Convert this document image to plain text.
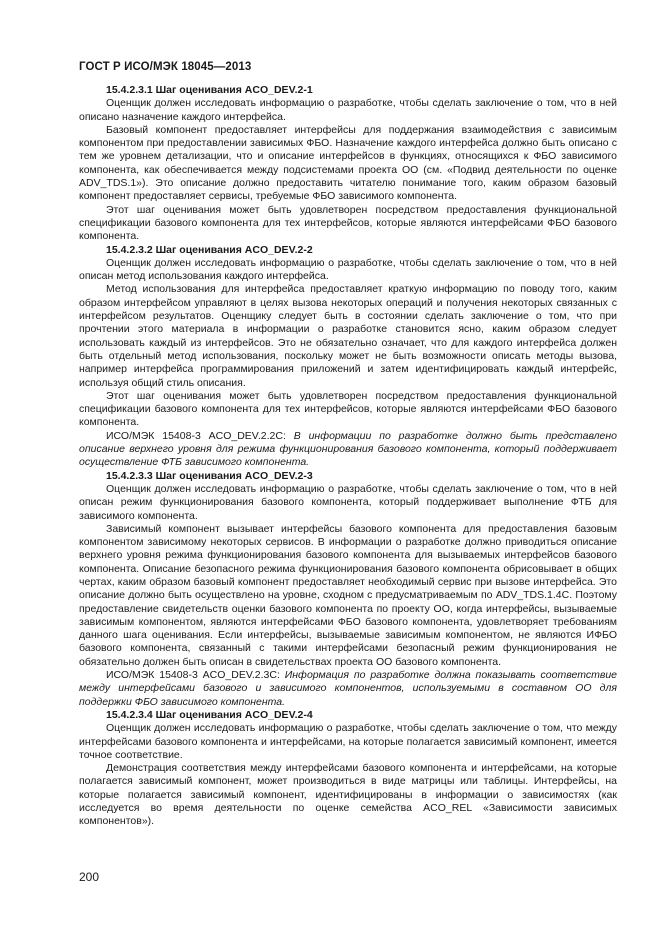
ГОСТ Р ИСО/МЭК 18045—2013

15.4.2.3.1 Шаг оценивания ACO_DEV.2-1

Оценщик должен исследовать информацию о разработке, чтобы сделать заключение о том, что в ней описано назначение каждого интерфейса.

Базовый компонент предоставляет интерфейсы для поддержания взаимодействия с зависимым компонентом при предоставлении зависимых ФБО. Назначение каждого интерфейса должно быть описано с тем же уровнем детализации, что и описание интерфейсов в функциях, относящихся к ФБО зависимого компонента, как обеспечивается между подсистемами проекта ОО (см. «Подвид деятельности по оценке ADV_TDS.1»). Это описание должно предоставить читателю понимание того, каким образом базовый компонент предоставляет сервисы, требуемые ФБО зависимого компонента.

Этот шаг оценивания может быть удовлетворен посредством предоставления функциональной спецификации базового компонента для тех интерфейсов, которые являются интерфейсами ФБО базового компонента.

15.4.2.3.2 Шаг оценивания ACO_DEV.2-2

Оценщик должен исследовать информацию о разработке, чтобы сделать заключение о том, что в ней описан метод использования каждого интерфейса.

Метод использования для интерфейса предоставляет краткую информацию по поводу того, каким образом интерфейсом управляют в целях вызова некоторых операций и получения некоторых связанных с интерфейсом результатов. Оценщику следует быть в состоянии сделать заключение о том, что при прочтении этого материала в информации о разработке становится ясно, каким образом следует использовать каждый из интерфейсов. Это не обязательно означает, что для каждого интерфейса должен быть отдельный метод использования, поскольку может не быть возможности описать методы вызова, например интерфейса программирования приложений и затем идентифицировать каждый интерфейс, используя общий стиль описания.

Этот шаг оценивания может быть удовлетворен посредством предоставления функциональной спецификации базового компонента для тех интерфейсов, которые являются интерфейсами ФБО базового компонента.

ИСО/МЭК 15408-3 ACO_DEV.2.2С: В информации по разработке должно быть представлено описание верхнего уровня для режима функционирования базового компонента, который поддерживает осуществление ФТБ зависимого компонента.

15.4.2.3.3 Шаг оценивания ACO_DEV.2-3

Оценщик должен исследовать информацию о разработке, чтобы сделать заключение о том, что в ней описан режим функционирования базового компонента, который поддерживает выполнение ФТБ для зависимого компонента.

Зависимый компонент вызывает интерфейсы базового компонента для предоставления базовым компонентом зависимому некоторых сервисов. В информации о разработке должно приводиться описание верхнего уровня режима функционирования базового компонента для вызываемых интерфейсов базового компонента. Описание безопасного режима функционирования базового компонента обрисовывает в общих чертах, каким образом базовый компонент предоставляет необходимый сервис при вызове интерфейса. Это описание должно быть осуществлено на уровне, сходном с предусматриваемым по ADV_TDS.1.4С. Поэтому предоставление свидетельств оценки базового компонента по проекту ОО, когда интерфейсы, вызываемые зависимым компонентом, являются интерфейсами ФБО базового компонента, удовлетворяет требованиям данного шага оценивания. Если интерфейсы, вызываемые зависимым компонентом, не являются ИФБО базового компонента, связанный с такими интерфейсами безопасный режим функционирования не обязательно должен быть описан в свидетельствах проекта ОО базового компонента.

ИСО/МЭК 15408-3 ACO_DEV.2.3С: Информация по разработке должна показывать соответствие между интерфейсами базового и зависимого компонентов, используемыми в составном ОО для поддержки ФБО зависимого компонента.

15.4.2.3.4 Шаг оценивания ACO_DEV.2-4

Оценщик должен исследовать информацию о разработке, чтобы сделать заключение о том, что между интерфейсами базового компонента и интерфейсами, на которые полагается зависимый компонент, имеется точное соответствие.

Демонстрация соответствия между интерфейсами базового компонента и интерфейсами, на которые полагается зависимый компонент, может производиться в виде матрицы или таблицы. Интерфейсы, на которые полагается зависимый компонент, идентифицированы в информации о зависимостях (как исследуется во время деятельности по оценке семейства ACO_REL «Зависимости зависимых компонентов»).

200
